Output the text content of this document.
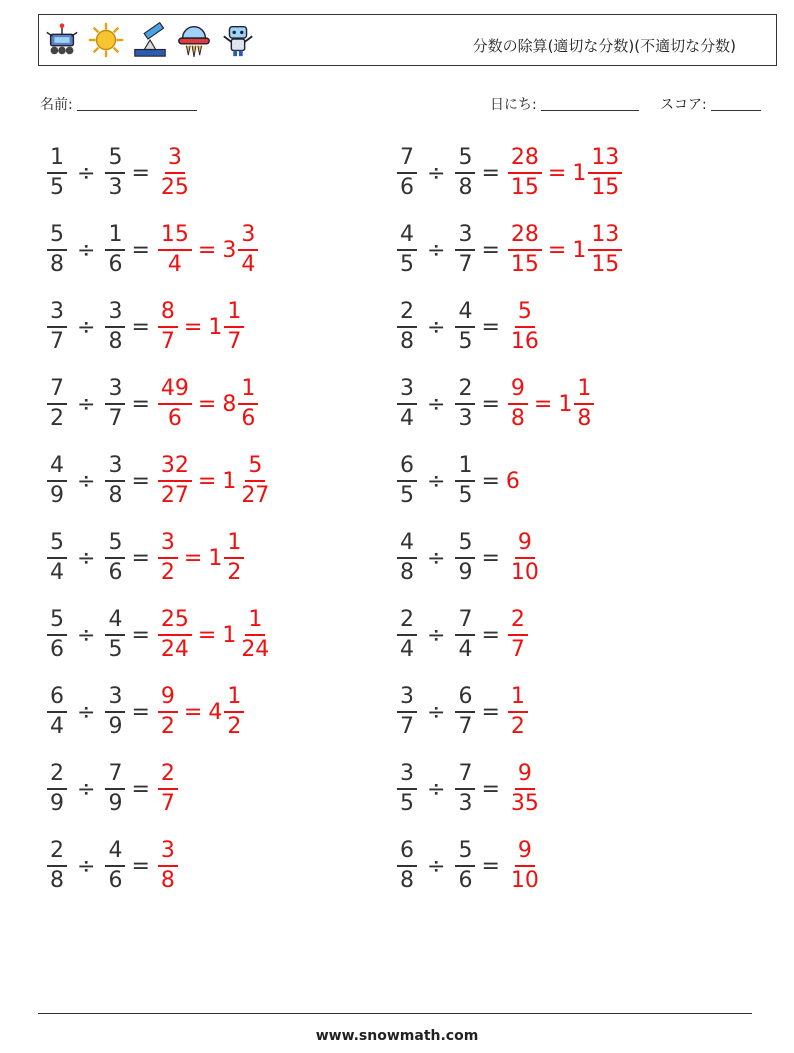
分数の除算(適切な分数)(不適切な分数)
名前:	日にち:	スコア:
$\frac{1}{5} \div \frac{5}{3} = \frac{3}{25}$
$\frac{5}{8} \div \frac{1}{6} = \frac{15}{4} = 3 \frac{3}{4}$
$\frac{3}{7} \div \frac{3}{8} = \frac{8}{7} = 1 \frac{1}{7}$
$\frac{7}{2} \div \frac{3}{7} = \frac{49}{6} = 8 \frac{1}{6}$
$\frac{4}{9} \div \frac{3}{8} = \frac{32}{27} = 1 \frac{5}{27}$
$\frac{5}{4} \div \frac{5}{6} = \frac{3}{2} = 1 \frac{1}{2}$
$\frac{5}{6} \div \frac{4}{5} = \frac{25}{24} = 1 \frac{1}{24}$
$\frac{6}{4} \div \frac{3}{9} = \frac{9}{2} = 4 \frac{1}{2}$
$\frac{2}{9} \div \frac{7}{9} = \frac{2}{7}$
$\frac{2}{8} \div \frac{4}{6} = \frac{3}{8}$
$\frac{7}{6} \div \frac{5}{8} = \frac{28}{15} = 1 \frac{13}{15}$
$\frac{4}{5} \div \frac{3}{7} = \frac{28}{15} = 1 \frac{13}{15}$
$\frac{2}{8} \div \frac{4}{5} = \frac{5}{16}$
$\frac{3}{4} \div \frac{2}{3} = \frac{9}{8} = 1 \frac{1}{8}$
$\frac{6}{5} \div \frac{1}{5} = 6$
$\frac{4}{8} \div \frac{5}{9} = \frac{9}{10}$
$\frac{2}{4} \div \frac{7}{4} = \frac{2}{7}$
$\frac{3}{7} \div \frac{6}{7} = \frac{1}{2}$
$\frac{3}{5} \div \frac{7}{3} = \frac{9}{35}$
$\frac{6}{8} \div \frac{5}{6} = \frac{9}{10}$
www.snowmath.com
